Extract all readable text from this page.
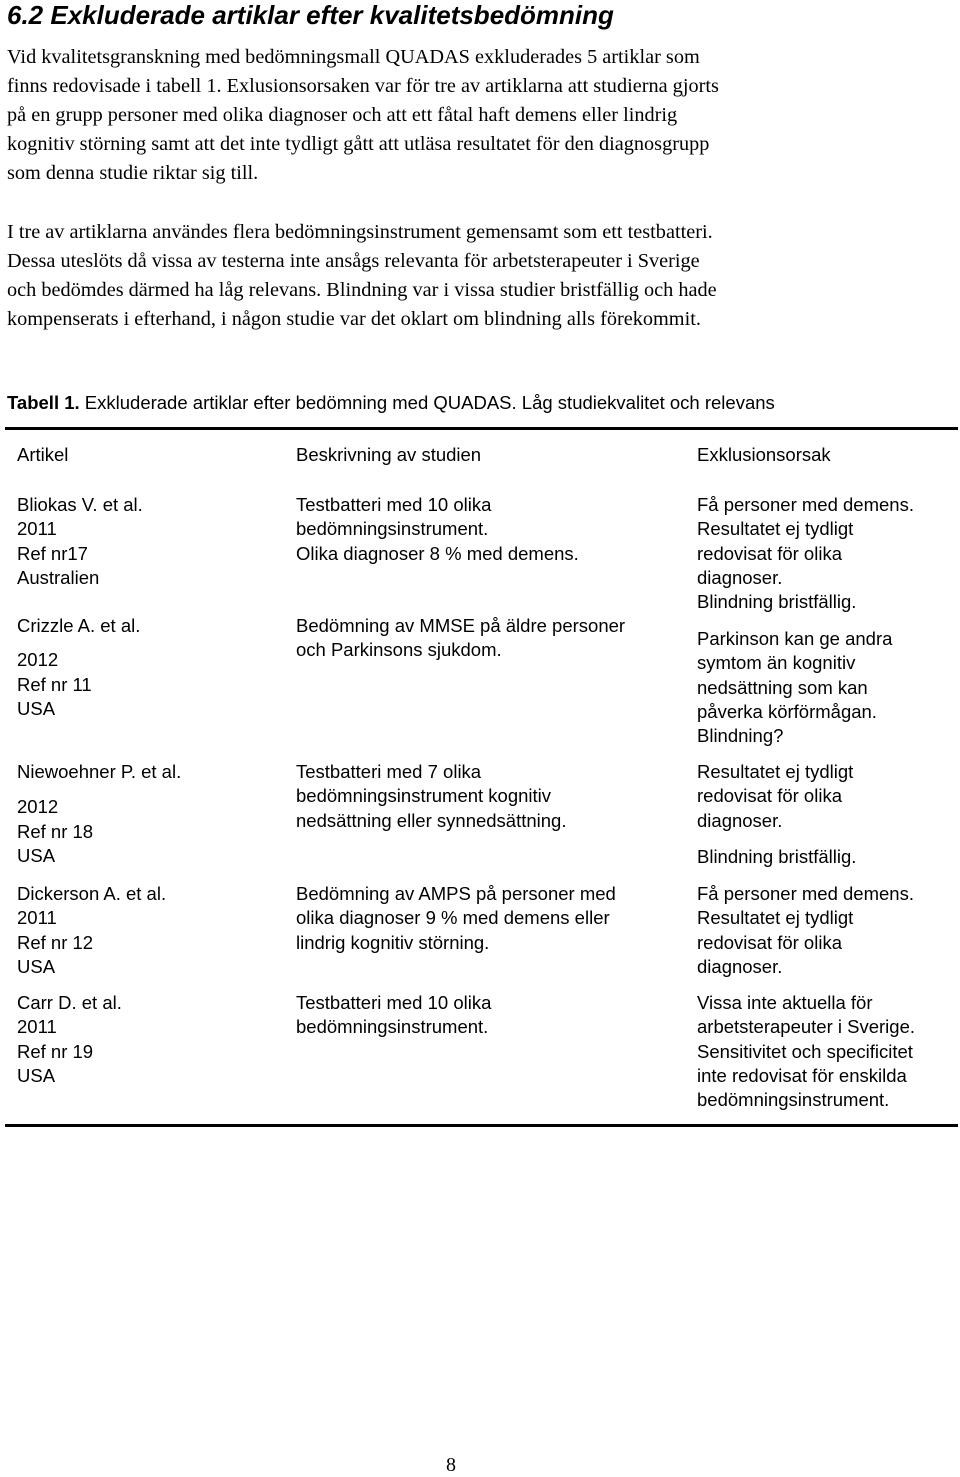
6.2 Exkluderade artiklar efter kvalitetsbedömning

Vid kvalitetsgranskning med bedömningsmall QUADAS exkluderades 5 artiklar som
finns redovisade i tabell 1. Exlusionsorsaken var för tre av artiklarna att studierna gjorts
på en grupp personer med olika diagnoser och att ett fåtal haft demens eller lindrig
kognitiv störning samt att det inte tydligt gått att utläsa resultatet för den diagnosgrupp
som denna studie riktar sig till.

I tre av artiklarna användes flera bedömningsinstrument gemensamt som ett testbatteri.
Dessa uteslöts då vissa av testerna inte ansågs relevanta för arbetsterapeuter i Sverige
och bedömdes därmed ha låg relevans. Blindning var i vissa studier bristfällig och hade
kompenserats i efterhand, i någon studie var det oklart om blindning alls förekommit.

Tabell 1. Exkluderade artiklar efter bedömning med QUADAS. Låg studiekvalitet och relevans
Artikel	Beskrivning av studien	Exklusionsorsak
Bliokas V. et al.
2011
Ref nr17
Australien
Testbatteri med 10 olika
bedömningsinstrument.
Olika diagnoser 8 % med demens.
Få personer med demens.
Resultatet ej tydligt
redovisat för olika
diagnoser.
Blindning bristfällig.
Crizzle A. et al.
2012
Ref nr 11
USA
Bedömning av MMSE på äldre personer
och Parkinsons sjukdom.
Parkinson kan ge andra
symtom än kognitiv
nedsättning som kan
påverka körförmågan.
Blindning?
Niewoehner P. et al.
2012
Ref nr 18
USA
Testbatteri med 7 olika
bedömningsinstrument kognitiv
nedsättning eller synnedsättning.
Resultatet ej tydligt
redovisat för olika
diagnoser.
Blindning bristfällig.
Dickerson A. et al.
2011
Ref nr 12
USA
Bedömning av AMPS på personer med
olika diagnoser 9 % med demens eller
lindrig kognitiv störning.
Få personer med demens.
Resultatet ej tydligt
redovisat för olika
diagnoser.
Carr D. et al.
2011
Ref nr 19
USA
Testbatteri med 10 olika
bedömningsinstrument.
Vissa inte aktuella för
arbetsterapeuter i Sverige.
Sensitivitet och specificitet
inte redovisat för enskilda
bedömningsinstrument.
8
